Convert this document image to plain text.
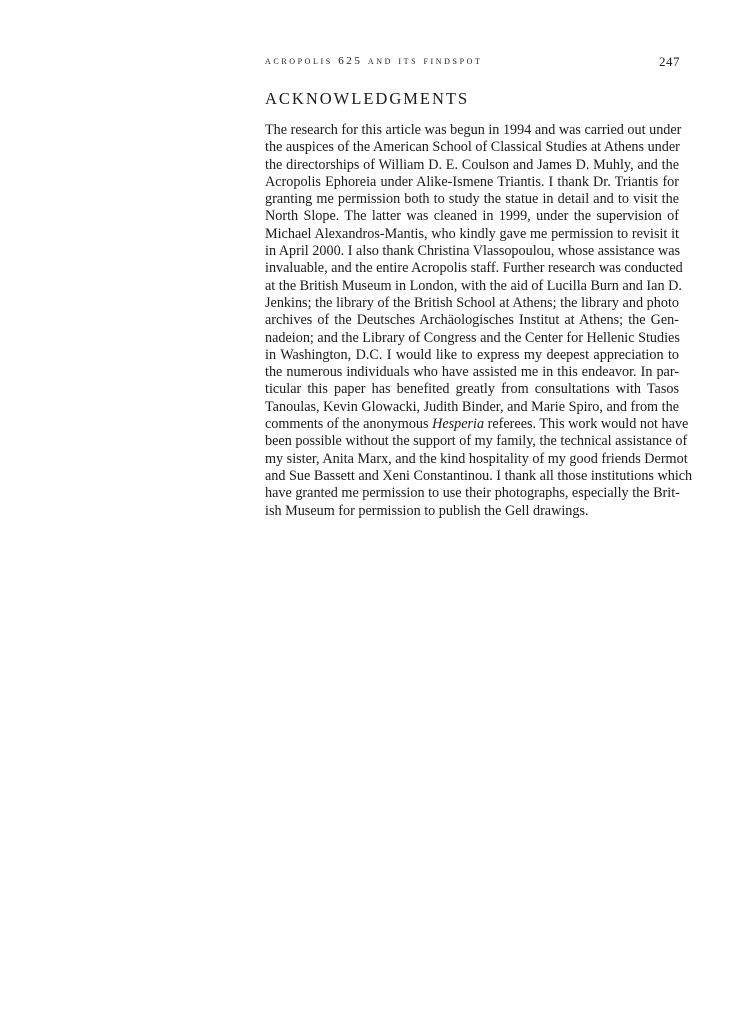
acropolis 625 and its findspot	247
ACKNOWLEDGMENTS

The research for this article was begun in 1994 and was carried out under
the auspices of the American School of Classical Studies at Athens under
the directorships of William D. E. Coulson and James D. Muhly, and the
Acropolis Ephoreia under Alike-Ismene Triantis. I thank Dr. Triantis for
granting me permission both to study the statue in detail and to visit the
North Slope. The latter was cleaned in 1999, under the supervision of
Michael Alexandros-Mantis, who kindly gave me permission to revisit it
in April 2000. I also thank Christina Vlassopoulou, whose assistance was
invaluable, and the entire Acropolis staff. Further research was conducted
at the British Museum in London, with the aid of Lucilla Burn and Ian D.
Jenkins; the library of the British School at Athens; the library and photo
archives of the Deutsches Archäologisches Institut at Athens; the Gen-
nadeion; and the Library of Congress and the Center for Hellenic Studies
in Washington, D.C. I would like to express my deepest appreciation to
the numerous individuals who have assisted me in this endeavor. In par-
ticular this paper has benefited greatly from consultations with Tasos
Tanoulas, Kevin Glowacki, Judith Binder, and Marie Spiro, and from the
comments of the anonymous Hesperia referees. This work would not have
been possible without the support of my family, the technical assistance of
my sister, Anita Marx, and the kind hospitality of my good friends Dermot
and Sue Bassett and Xeni Constantinou. I thank all those institutions which
have granted me permission to use their photographs, especially the Brit-
ish Museum for permission to publish the Gell drawings.
